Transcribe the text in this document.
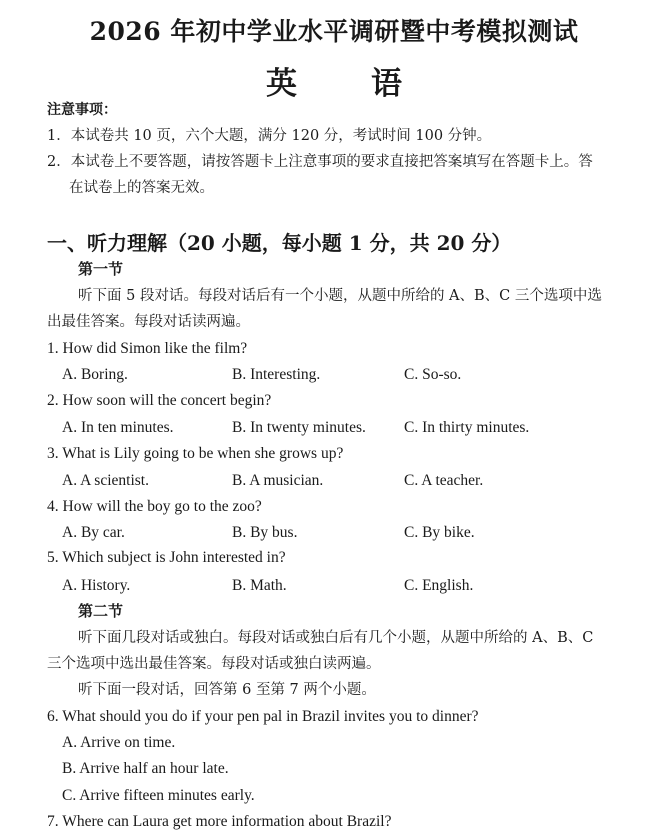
2026 年初中学业水平调研暨中考模拟测试
英 语
注意事项：
1．本试卷共 10 页，六个大题，满分 120 分，考试时间 100 分钟。
2．本试卷上不要答题，请按答题卡上注意事项的要求直接把答案填写在答题卡上。答
在试卷上的答案无效。
一、听力理解（20 小题，每小题 1 分，共 20 分）
第一节
听下面 5 段对话。每段对话后有一个小题，从题中所给的 A、B、C 三个选项中选
出最佳答案。每段对话读两遍。
1. How did Simon like the film?
A. Boring.	B. Interesting.	C. So-so.
2. How soon will the concert begin?
A. In ten minutes.	B. In twenty minutes. C. In thirty minutes.
3. What is Lily going to be when she grows up?
A. A scientist.	B. A musician.	C. A teacher.
4. How will the boy go to the zoo?
A. By car.	B. By bus.	C. By bike.
5. Which subject is John interested in?
A. History.	B. Math.	C. English.
第二节
听下面几段对话或独白。每段对话或独白后有几个小题，从题中所给的 A、B、C
三个选项中选出最佳答案。每段对话或独白读两遍。
听下面一段对话，回答第 6 至第 7 两个小题。
6. What should you do if your pen pal in Brazil invites you to dinner?
A. Arrive on time.
B. Arrive half an hour late.
C. Arrive fifteen minutes early.
7. Where can Laura get more information about Brazil?
